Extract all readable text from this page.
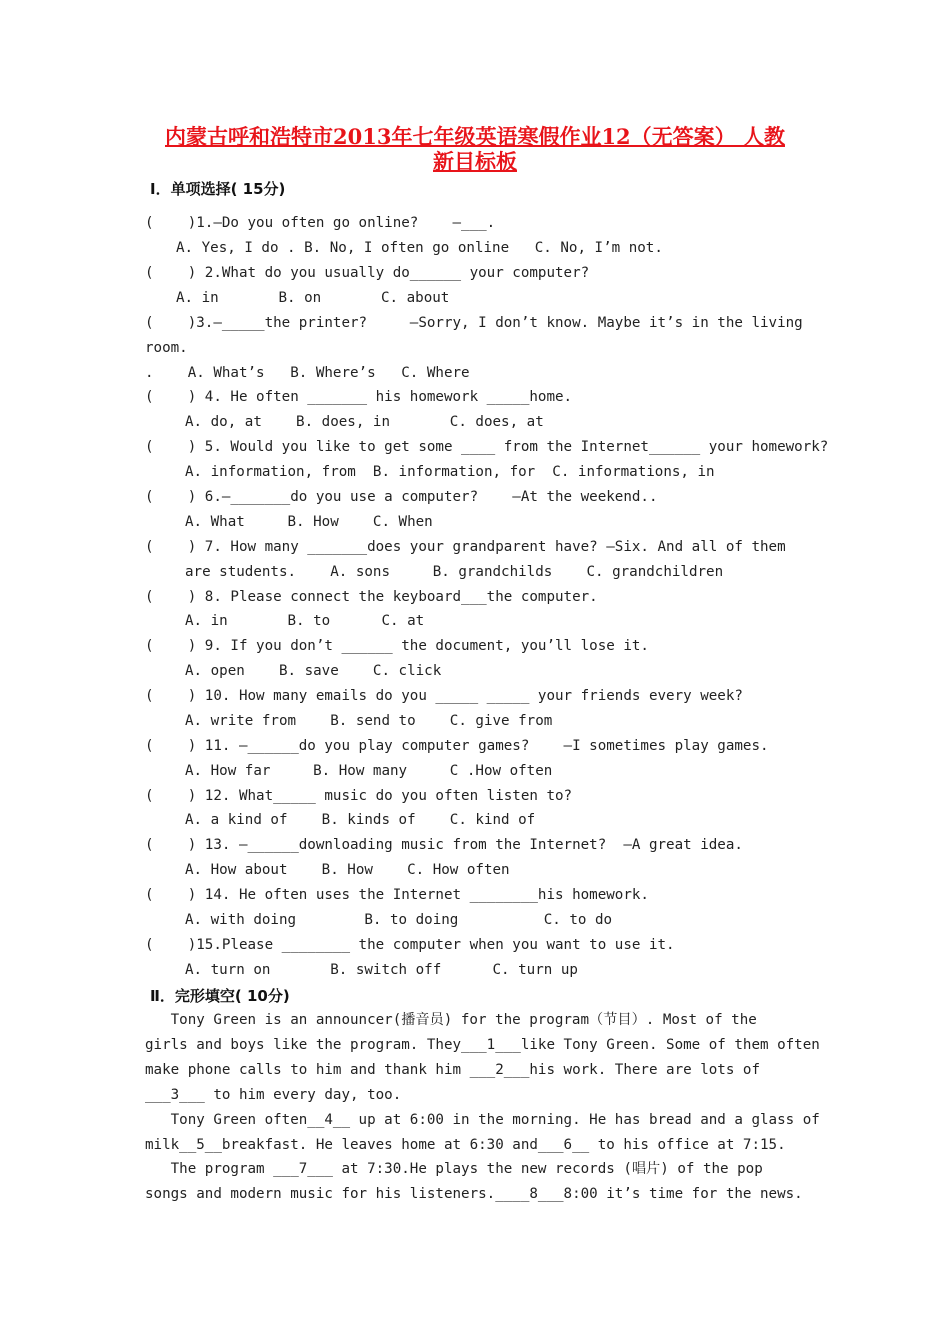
内蒙古呼和浩特市2013年七年级英语寒假作业12（无答案） 人教
新目标板
Ⅰ．单项选择( 15分)
(    )1.—Do you often go online?    —___.
A. Yes, I do . B. No, I often go online   C. No, I’m not.
(    ) 2.What do you usually do______ your computer?
A. in       B. on       C. about
(    )3.—_____the printer?     —Sorry, I don’t know. Maybe it’s in the living
room.
.    A. What’s   B. Where’s   C. Where
(    ) 4. He often _______ his homework _____home.
A. do, at    B. does, in       C. does, at
(    ) 5. Would you like to get some ____ from the Internet______ your homework?
A. information, from  B. information, for  C. informations, in
(    ) 6.—_______do you use a computer?    —At the weekend..
A. What     B. How    C. When
(    ) 7. How many _______does your grandparent have? —Six. And all of them
are students.    A. sons     B. grandchilds    C. grandchildren
(    ) 8. Please connect the keyboard___the computer.
A. in       B. to      C. at
(    ) 9. If you don’t ______ the document, you’ll lose it.
A. open    B. save    C. click
(    ) 10. How many emails do you _____ _____ your friends every week?
A. write from    B. send to    C. give from
(    ) 11. —______do you play computer games?    —I sometimes play games.
A. How far     B. How many     C .How often
(    ) 12. What_____ music do you often listen to?
A. a kind of    B. kinds of    C. kind of
(    ) 13. —______downloading music from the Internet?  —A great idea.
A. How about    B. How    C. How often
(    ) 14. He often uses the Internet ________his homework.
A. with doing        B. to doing          C. to do
(    )15.Please ________ the computer when you want to use it.
A. turn on       B. switch off      C. turn up
Ⅱ．完形填空( 10分)
Tony Green is an announcer(播音员) for the program（节目）. Most of the
girls and boys like the program. They___1___like Tony Green. Some of them often
make phone calls to him and thank him ___2___his work. There are lots of
___3___ to him every day, too.
Tony Green often__4__ up at 6:00 in the morning. He has bread and a glass of
milk__5__breakfast. He leaves home at 6:30 and___6__ to his office at 7:15.
The program ___7___ at 7:30.He plays the new records (唱片) of the pop
songs and modern music for his listeners.____8___8:00 it’s time for the news.
